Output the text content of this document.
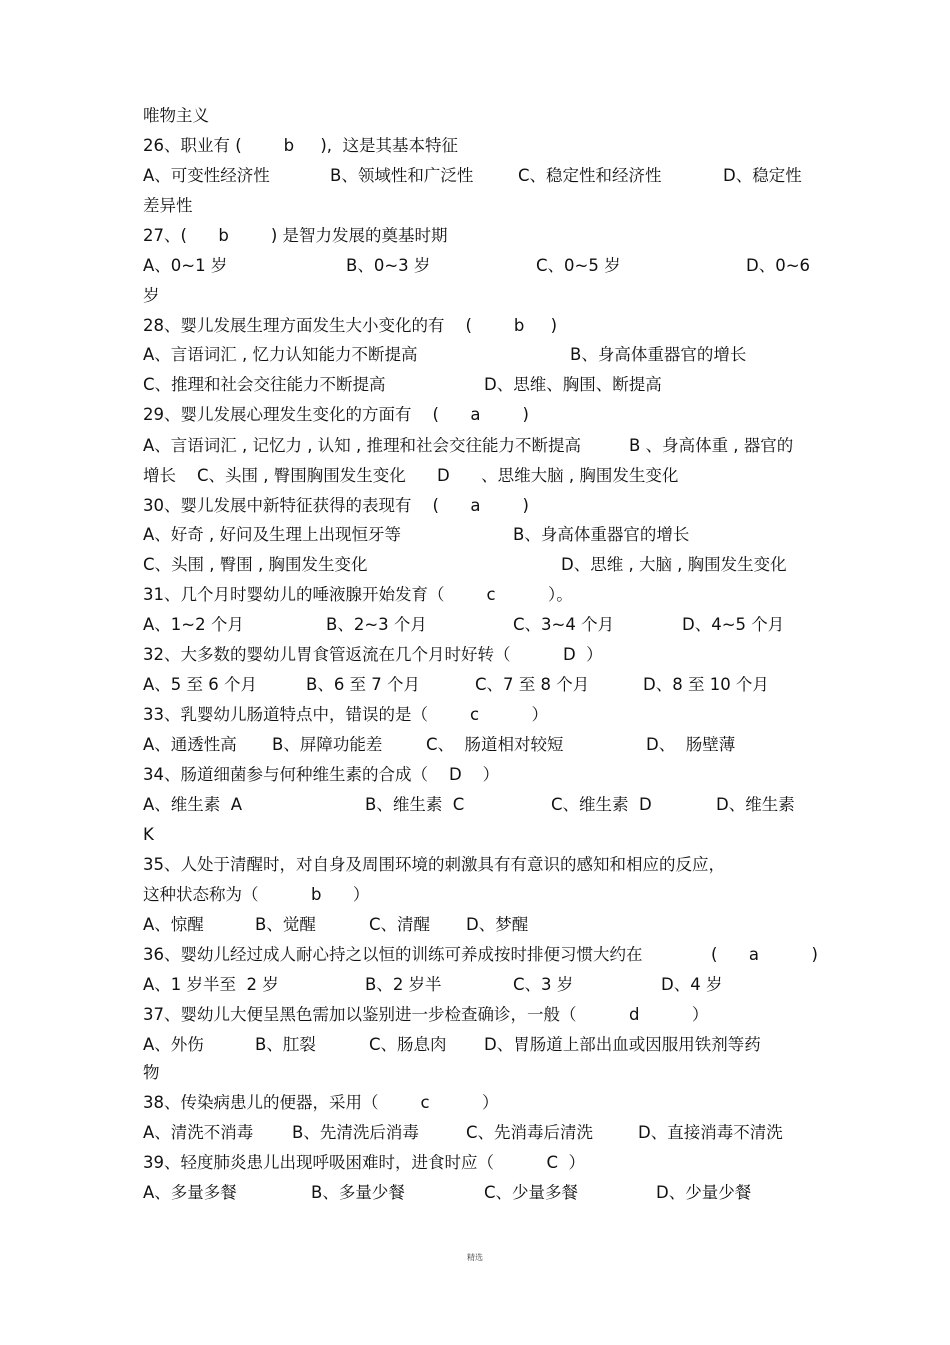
唯物主义
26、职业有 (        b     ),  这是其基本特征
A、可变性经济性	B、领域性和广泛性	C、稳定性和经济性	D、稳定性
差异性
27、(      b        ) 是智力发展的奠基时期
A、0~1 岁	B、0~3 岁	C、0~5 岁	D、0~6
岁
28、婴儿发展生理方面发生大小变化的有    (        b     )
A、言语词汇 , 忆力认知能力不断提高	B、身高体重器官的增长
C、推理和社会交往能力不断提高	D、思维、胸围、断提高
29、婴儿发展心理发生变化的方面有    (      a        )
A、言语词汇 , 记忆力 , 认知 , 推理和社会交往能力不断提高	B 、身高体重 , 器官的
增长    C、头围 , 臀围胸围发生变化 D      、思维大脑 , 胸围发生变化
30、婴儿发展中新特征获得的表现有    (      a        )
A、好奇 , 好问及生理上出现恒牙等	B、身高体重器官的增长
C、头围 , 臀围 , 胸围发生变化	D、思维 , 大脑 , 胸围发生变化
31、几个月时婴幼儿的唾液腺开始发育（        c          ）。
A、1~2 个月	B、2~3 个月	C、3~4 个月	D、4~5 个月
32、大多数的婴幼儿胃食管返流在几个月时好转（          D  ）
A、5 至 6 个月	B、6 至 7 个月	C、7 至 8 个月	D、8 至 10 个月
33、乳婴幼儿肠道特点中，错误的是（        c          ）
A、通透性高 B、屏障功能差	C、  肠道相对较短	D、  肠壁薄
34、肠道细菌参与何种维生素的合成（    D    ）
A、维生素  A	B、维生素  C	C、维生素  D	D、维生素
K
35、人处于清醒时，对自身及周围环境的刺激具有有意识的感知和相应的反应，
这种状态称为（          b      ）
A、惊醒	B、觉醒	C、清醒 D、梦醒
36、婴幼儿经过成人耐心持之以恒的训练可养成按时排便习惯大约在	(      a          )
A、1 岁半至  2 岁	B、2 岁半	C、3 岁	D、4 岁
37、婴幼儿大便呈黑色需加以鉴别进一步检查确诊，一般（          d          ）
A、外伤	B、肛裂	C、肠息肉 D、胃肠道上部出血或因服用铁剂等药
物
38、传染病患儿的便器，采用（        c          ）
A、清洗不消毒 B、先清洗后消毒	C、先消毒后清洗	D、直接消毒不清洗
39、轻度肺炎患儿出现呼吸困难时，进食时应（          C  ）
A、多量多餐	B、多量少餐	C、少量多餐	D、少量少餐
精选
